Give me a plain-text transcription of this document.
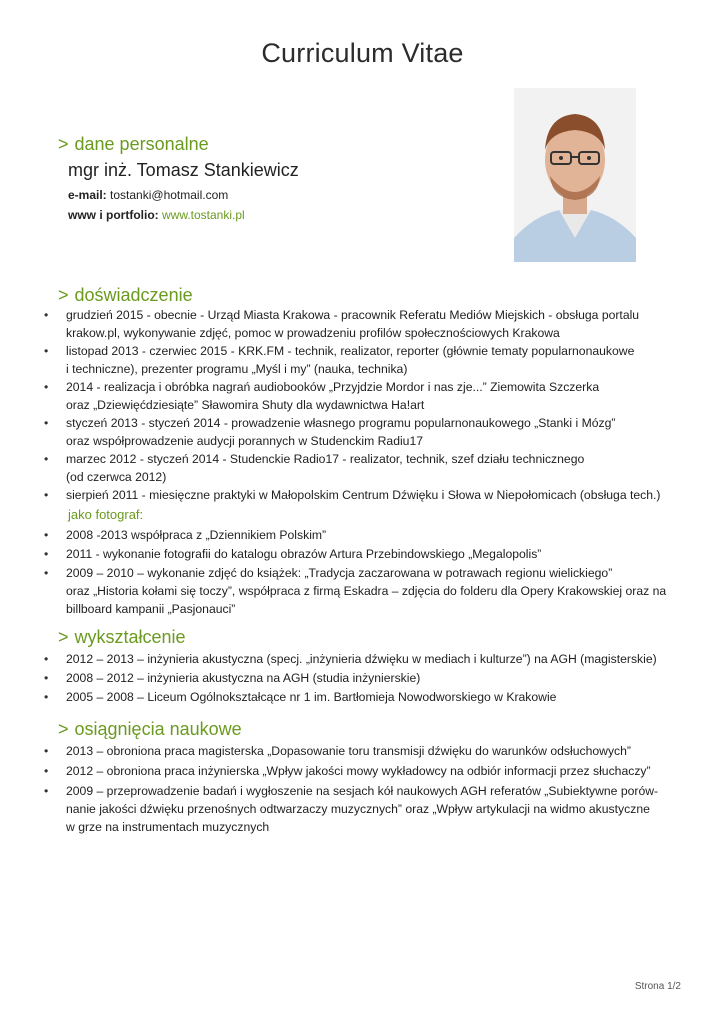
Curriculum Vitae
> dane personalne
mgr inż. Tomasz Stankiewicz
e-mail: tostanki@hotmail.com
www i portfolio: www.tostanki.pl
> doświadczenie
• grudzień 2015 - obecnie - Urząd Miasta Krakowa - pracownik Referatu Mediów Miejskich - obsługa portalu
krakow.pl, wykonywanie zdjęć, pomoc w prowadzeniu profilów społecznościowych Krakowa
• listopad 2013 - czerwiec 2015 - KRK.FM - technik, realizator, reporter (głównie tematy popularnonaukowe
i techniczne), prezenter programu „Myśl i my” (nauka, technika)
• 2014 - realizacja i obróbka nagrań audiobooków „Przyjdzie Mordor i nas zje...” Ziemowita Szczerka
oraz „Dziewięćdziesiąte” Sławomira Shuty dla wydawnictwa Ha!art
• styczeń 2013 - styczeń 2014 - prowadzenie własnego programu popularnonaukowego „Stanki i Mózg”
oraz współprowadzenie audycji porannych w Studenckim Radiu17
• marzec 2012 - styczeń 2014 - Studenckie Radio17 - realizator, technik, szef działu technicznego
(od czerwca 2012)
• sierpień 2011 - miesięczne praktyki w Małopolskim Centrum Dźwięku i Słowa w Niepołomicach (obsługa tech.)
jako fotograf:
• 2008 -2013 współpraca z „Dziennikiem Polskim”
• 2011 - wykonanie fotografii do katalogu obrazów Artura Przebindowskiego „Megalopolis”
• 2009 – 2010 – wykonanie zdjęć do książek: „Tradycja zaczarowana w potrawach regionu wielickiego”
oraz „Historia kołami się toczy”, współpraca z firmą Eskadra – zdjęcia do folderu dla Opery Krakowskiej oraz na
billboard kampanii „Pasjonauci”
> wykształcenie
• 2012 – 2013 – inżynieria akustyczna (specj. „inżynieria dźwięku w mediach i kulturze”) na AGH (magisterskie)
• 2008 – 2012 – inżynieria akustyczna na AGH (studia inżynierskie)
• 2005 – 2008 – Liceum Ogólnokształcące nr 1 im. Bartłomieja Nowodworskiego w Krakowie
> osiągnięcia naukowe
• 2013 – obroniona praca magisterska „Dopasowanie toru transmisji dźwięku do warunków odsłuchowych”
• 2012 – obroniona praca inżynierska „Wpływ jakości mowy wykładowcy na odbiór informacji przez słuchaczy”
• 2009 – przeprowadzenie badań i wygłoszenie na sesjach kół naukowych AGH referatów „Subiektywne porów-
nanie jakości dźwięku przenośnych odtwarzaczy muzycznych” oraz „Wpływ artykulacji na widmo akustyczne
w grze na instrumentach muzycznych
Strona 1/2
